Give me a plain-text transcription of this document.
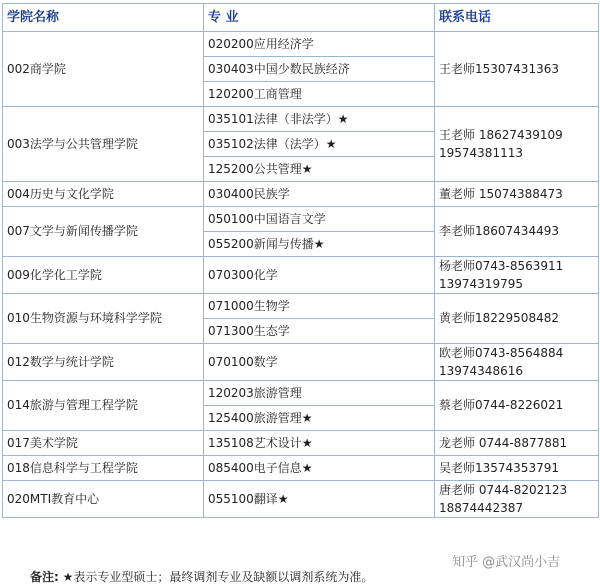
学院名称	专 业	联系电话
002商学院	020200应用经济学	王老师15307431363

	030403中国少数民族经济	
	120200工商管理	
003法学与公共管理学院	035101法律（非法学）★	王老师 18627439109
19574381113

	035102法律（法学）★	
	125200公共管理★	
004历史与文化学院	030400民族学	董老师 15074388473

007文学与新闻传播学院	050100中国语言文学	李老师18607434493

	055200新闻与传播★	
009化学化工学院	070300化学	杨老师0743-8563911
13974319795

010生物资源与环境科学学院	071000生物学	黄老师18229508482

	071300生态学	
012数学与统计学院	070100数学	欧老师0743-8564884
13974348616

014旅游与管理工程学院	120203旅游管理	蔡老师0744-8226021

	125400旅游管理★	
017美术学院	135108艺术设计★	龙老师 0744-8877881

018信息科学与工程学院	085400电子信息★	吴老师13574353791

020MTI教育中心	055100翻译★	唐老师 0744-8202123
18874442387
备注: ★表示专业型硕士；最终调剂专业及缺额以调剂系统为准。
知乎 @武汉尚小吉
